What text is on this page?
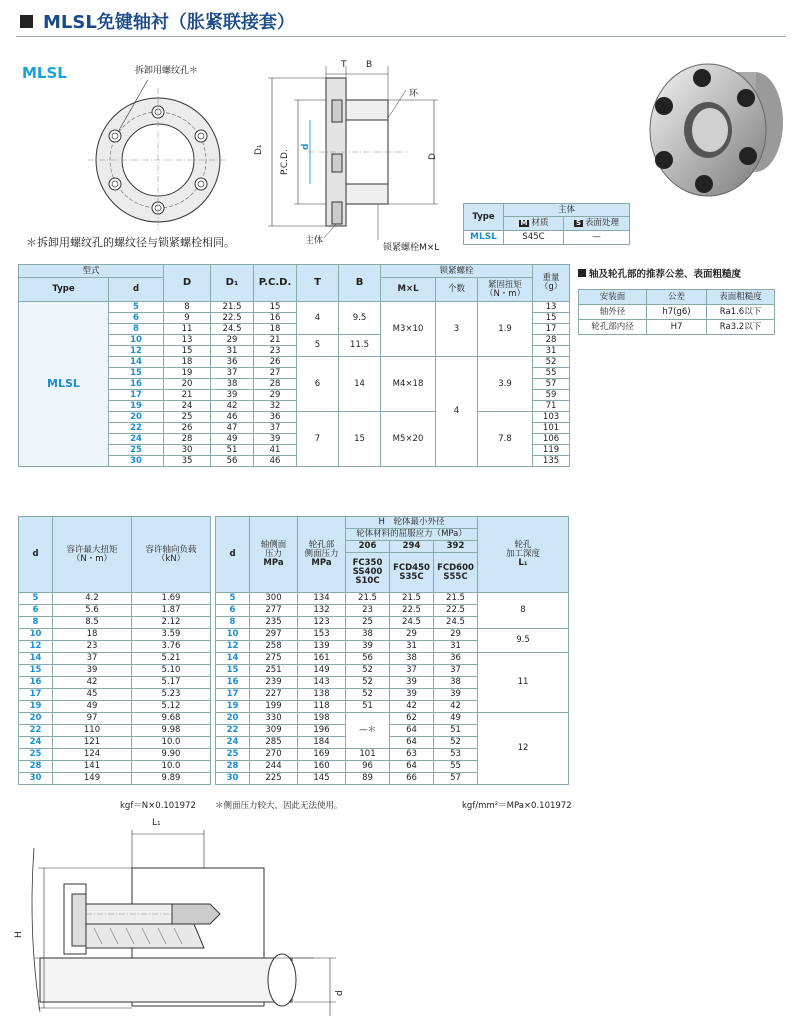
MLSL免键轴衬（胀紧联接套）
MLSL	拆卸用螺纹孔＊
T B
环
D₁ P.C.D.
d
D
主体
锁紧螺栓M×L
Type	主体	
	M 材质	S 表面处理
MLSL	S45C	—
＊拆卸用螺纹孔的螺纹径与锁紧螺栓相同。
型式		D	D₁	P.C.D.	T	B	锁紧螺栓			重量
（g）
Type	d						M×L	个数	紧固扭矩
（N・m）	
MLSL	5	8	21.5	15	4	9.5	M3×10	3	1.9	13
	6	9	22.5	16						15
	8	11	24.5	18						17
	10	13	29	21	5	11.5				28
	12	15	31	23						31
	14	18	36	26	6	14	M4×18	4	3.9	52
	15	19	37	27						55
	16	20	38	28						57
	17	21	39	29						59
	19	24	42	32						71
	20	25	46	36	7	15	M5×20		7.8	103
	22	26	47	37						101
	24	28	49	39						106
	25	30	51	41						119
	30	35	56	46						135
轴及轮孔部的推荐公差、表面粗糙度
安装面	公差	表面粗糙度
轴外径	h7(g6)	Ra1.6以下
轮孔部内径	H7	Ra3.2以下
d	容许最大扭矩
（N・m）	容许轴向负载
（kN）
5	4.2	1.69
6	5.6	1.87
8	8.5	2.12
10	18	3.59
12	23	3.76
14	37	5.21
15	39	5.10
16	42	5.17
17	45	5.23
19	49	5.12
20	97	9.68
22	110	9.98
24	121	10.0
25	124	9.90
28	141	10.0
30	149	9.89
kgf＝N×0.101972
d	轴侧面
压力
MPa	轮孔部
侧面压力
MPa	H　轮体最小外径			轮孔
加工深度
L₁
			轮体材料的屈服应力（MPa）			
			206	294	392	
			FC350
SS400
S10C	FCD450
S35C	FCD600
S55C	
5	300	134	21.5	21.5	21.5	8
6	277	132	23	22.5	22.5	
8	235	123	25	24.5	24.5	
10	297	153	38	29	29	9.5
12	258	139	39	31	31	
14	275	161	56	38	36	11
15	251	149	52	37	37	
16	239	143	52	39	38	
17	227	138	52	39	39	
19	199	118	51	42	42	
20	330	198	—＊	62	49	12
22	309	196		64	51	
24	285	184		64	52	
25	270	169	101	63	53	
28	244	160	96	64	55	
30	225	145	89	66	57	
＊侧面压力较大，因此无法使用。	kgf/mm²＝MPa×0.101972
L₁
H
d
